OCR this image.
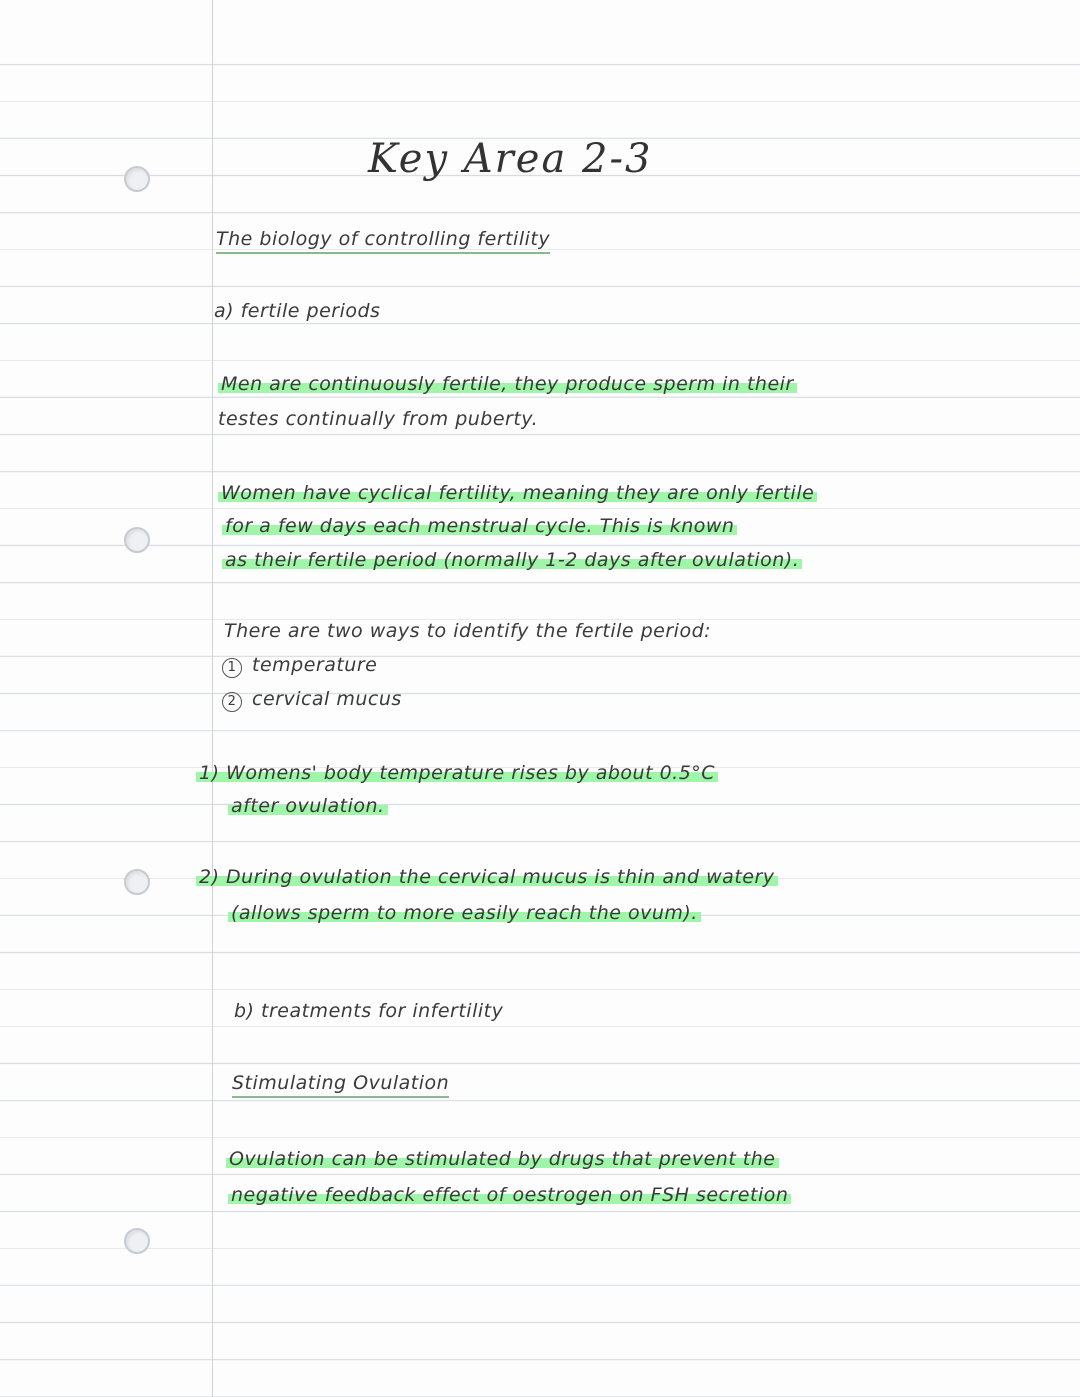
Key Area 2-3
The biology of controlling fertility
a) fertile periods
Men are continuously fertile, they produce sperm in their
testes continually from puberty.
Women have cyclical fertility, meaning they are only fertile
for a few days each menstrual cycle. This is known
as their fertile period (normally 1-2 days after ovulation).
There are two ways to identify the fertile period:
1 temperature
2 cervical mucus
1) Womens' body temperature rises by about 0.5°C
after ovulation.
2) During ovulation the cervical mucus is thin and watery
(allows sperm to more easily reach the ovum).
b) treatments for infertility
Stimulating Ovulation
Ovulation can be stimulated by drugs that prevent the
negative feedback effect of oestrogen on FSH secretion
